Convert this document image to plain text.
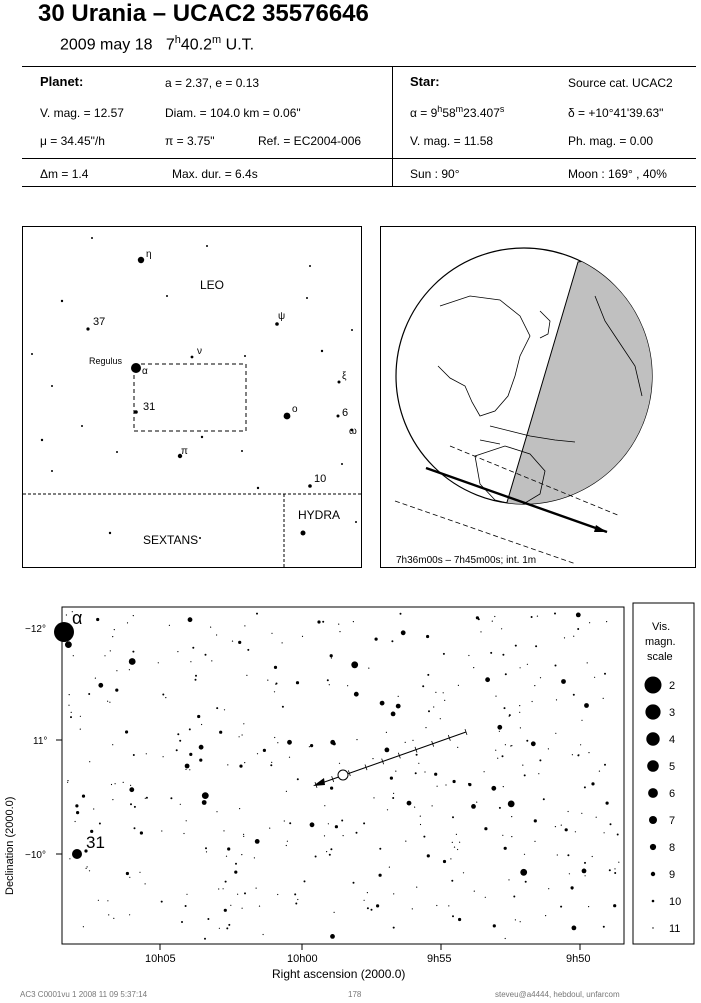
30 Urania – UCAC2 35576646
2009 may 18 7$^h$40.2$^m$ U.T.
Planet:	a = 2.37, e = 0.13
V. mag. = 12.57	Diam. = 104.0 km = 0.06"
μ = 34.45"/h	π = 3.75"	Ref. = EC2004-006
Star:	Source cat. UCAC2
$\alpha = 9^h58^m23.407^s$	δ = +10°41'39.63"
V. mag. = 11.58	Ph. mag. = 0.00
Δm = 1.4	Max. dur. = 6.4s	Sun : 90°	Moon : 169° , 40%
LEO
SEXTANS
HYDRA
Regulus
η
37	ψ
ν
α
31	ο
ξ
6
ω
π
10
7h36m00s – 7h45m00s; int. 1m
α
31
−12°
11°
−10°
10h05	10h00	9h55	9h50
Right ascension (2000.0)
Declination (2000.0)
Vis.
magn.
scale
2
3
4
5
6
7
8
9
10
11
AC3 C0001vu 1 2008 11 09 5:37:14	178	steveu@a4444, hebdoul, unfarcom
